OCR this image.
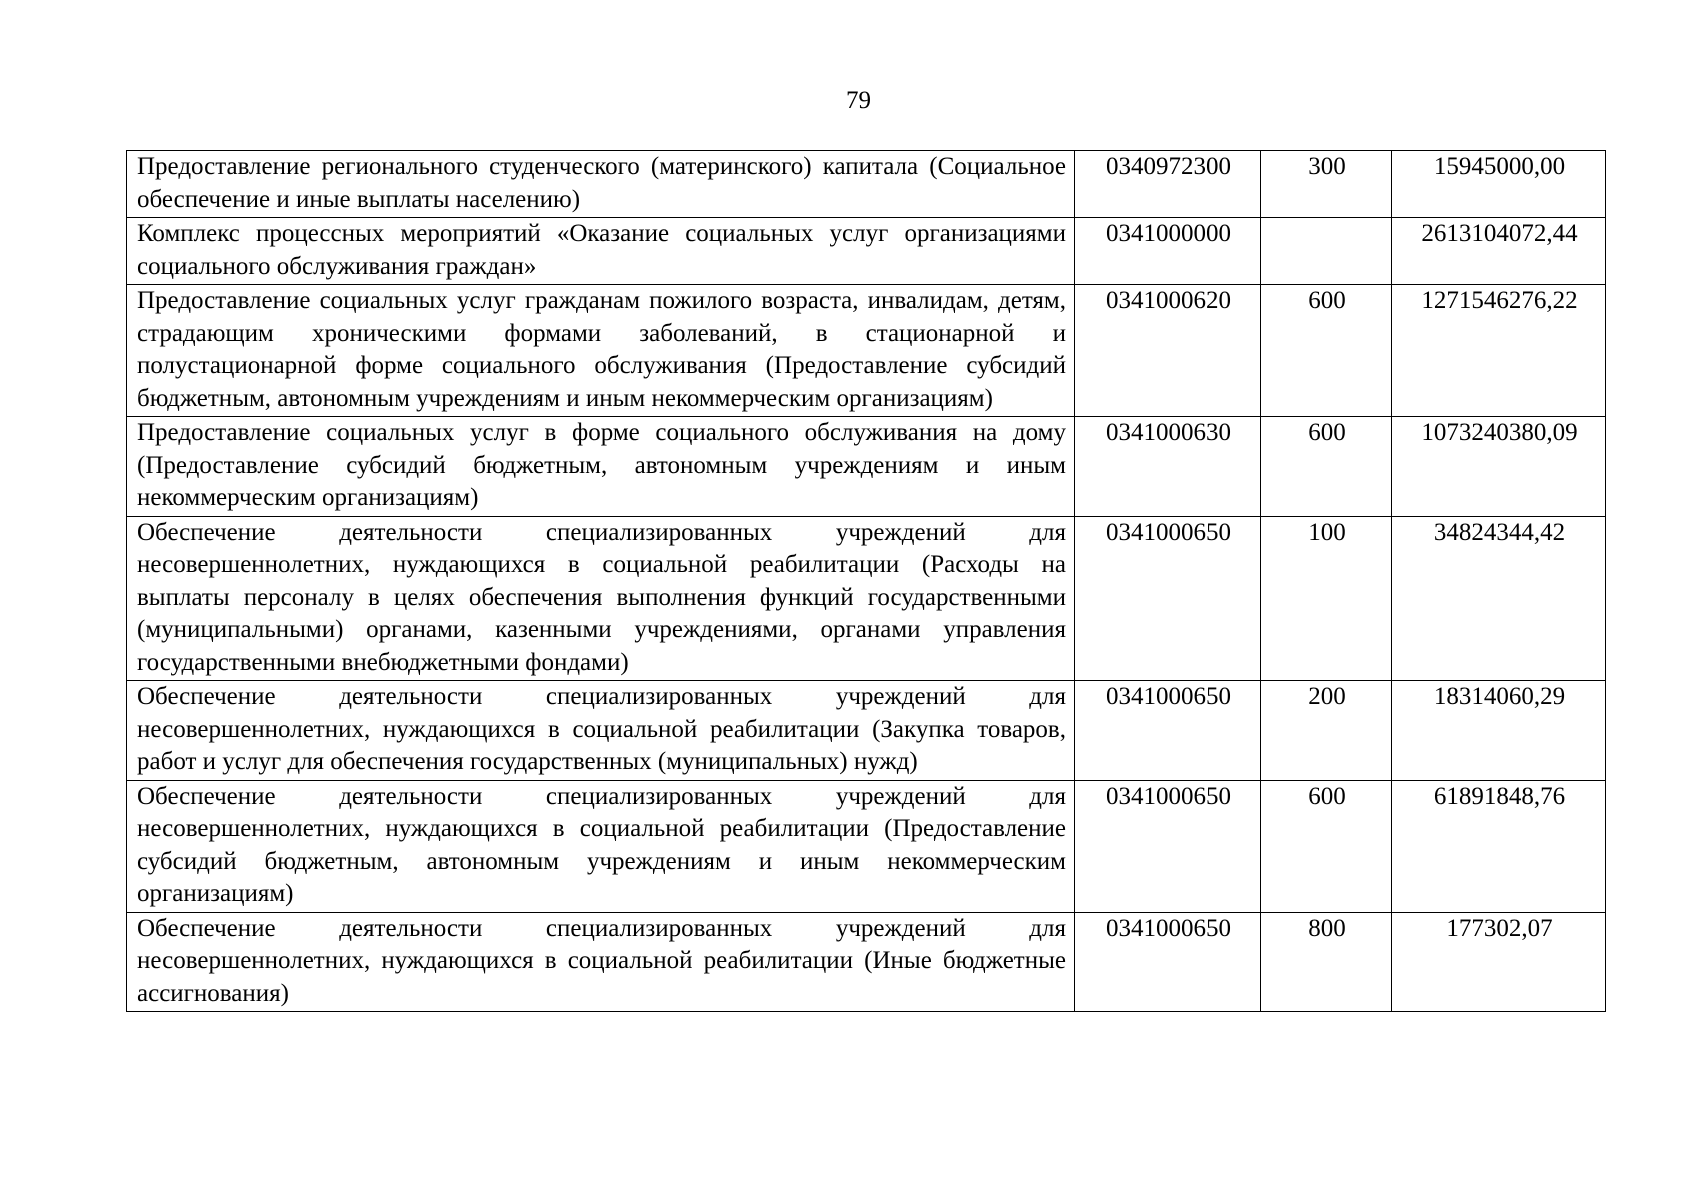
79
Предоставление регионального студенческого (материнского) капитала (Социальное обеспечение и иные выплаты населению)	0340972300	300	15945000,00
Комплекс процессных мероприятий «Оказание социальных услуг организациями социального обслуживания граждан»	0341000000		2613104072,44
Предоставление социальных услуг гражданам пожилого возраста, инвалидам, детям, страдающим хроническими формами заболеваний, в стационарной и полустационарной форме социального обслуживания (Предоставление субсидий бюджетным, автономным учреждениям и иным некоммерческим организациям)	0341000620	600	1271546276,22
Предоставление социальных услуг в форме социального обслуживания на дому (Предоставление субсидий бюджетным, автономным учреждениям и иным некоммерческим организациям)	0341000630	600	1073240380,09
Обеспечение деятельности специализированных учреждений для несовершеннолетних, нуждающихся в социальной реабилитации (Расходы на выплаты персоналу в целях обеспечения выполнения функций государственными (муниципальными) органами, казенными учреждениями, органами управления государственными внебюджетными фондами)	0341000650	100	34824344,42
Обеспечение деятельности специализированных учреждений для несовершеннолетних, нуждающихся в социальной реабилитации (Закупка товаров, работ и услуг для обеспечения государственных (муниципальных) нужд)	0341000650	200	18314060,29
Обеспечение деятельности специализированных учреждений для несовершеннолетних, нуждающихся в социальной реабилитации (Предоставление субсидий бюджетным, автономным учреждениям и иным некоммерческим организациям)	0341000650	600	61891848,76
Обеспечение деятельности специализированных учреждений для несовершеннолетних, нуждающихся в социальной реабилитации (Иные бюджетные ассигнования)	0341000650	800	177302,07
